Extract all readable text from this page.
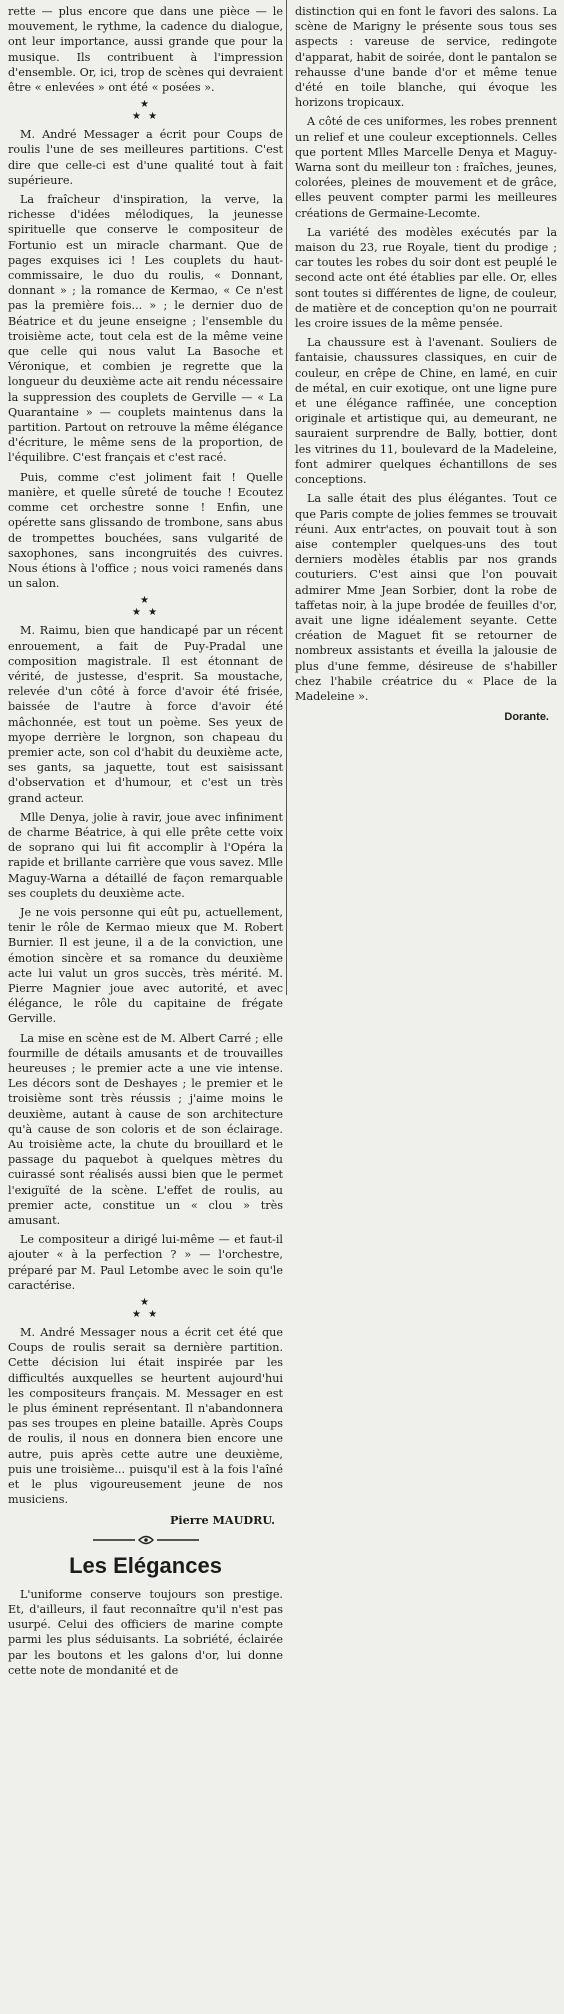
rette — plus encore que dans une pièce — le mouvement, le rythme, la cadence du dialogue, ont leur importance, aussi grande que pour la musique. Ils contribuent à l'impression d'ensemble. Or, ici, trop de scènes qui devraient être « enlevées » ont été « posées ».

★
★ ★

M. André Messager a écrit pour Coups de roulis l'une de ses meilleures partitions. C'est dire que celle-ci est d'une qualité tout à fait supérieure.

La fraîcheur d'inspiration, la verve, la richesse d'idées mélodiques, la jeunesse spirituelle que conserve le compositeur de Fortunio est un miracle charmant. Que de pages exquises ici ! Les couplets du haut-commissaire, le duo du roulis, « Donnant, donnant » ; la romance de Kermao, « Ce n'est pas la première fois... » ; le dernier duo de Béatrice et du jeune enseigne ; l'ensemble du troisième acte, tout cela est de la même veine que celle qui nous valut La Basoche et Véronique, et combien je regrette que la longueur du deuxième acte ait rendu nécessaire la suppression des couplets de Gerville — « La Quarantaine » — couplets maintenus dans la partition. Partout on retrouve la même élégance d'écriture, le même sens de la proportion, de l'équilibre. C'est français et c'est racé.

Puis, comme c'est joliment fait ! Quelle manière, et quelle sûreté de touche ! Ecoutez comme cet orchestre sonne ! Enfin, une opérette sans glissando de trombone, sans abus de trompettes bouchées, sans vulgarité de saxophones, sans incongruités des cuivres. Nous étions à l'office ; nous voici ramenés dans un salon.

★
★ ★

M. Raimu, bien que handicapé par un récent enrouement, a fait de Puy-Pradal une composition magistrale. Il est étonnant de vérité, de justesse, d'esprit. Sa moustache, relevée d'un côté à force d'avoir été frisée, baissée de l'autre à force d'avoir été mâchonnée, est tout un poème. Ses yeux de myope derrière le lorgnon, son chapeau du premier acte, son col d'habit du deuxième acte, ses gants, sa jaquette, tout est saisissant d'observation et d'humour, et c'est un très grand acteur.

Mlle Denya, jolie à ravir, joue avec infiniment de charme Béatrice, à qui elle prête cette voix de soprano qui lui fit accomplir à l'Opéra la rapide et brillante carrière que vous savez. Mlle Maguy-Warna a détaillé de façon remarquable ses couplets du deuxième acte.

Je ne vois personne qui eût pu, actuellement, tenir le rôle de Kermao mieux que M. Robert Burnier. Il est jeune, il a de la conviction, une émotion sincère et sa romance du deuxième acte lui valut un gros succès, très mérité. M. Pierre Magnier joue avec autorité, et avec élégance, le rôle du capitaine de frégate Gerville.

La mise en scène est de M. Albert Carré ; elle fourmille de détails amusants et de trouvailles heureuses ; le premier acte a une vie intense. Les décors sont de Deshayes ; le premier et le troisième sont très réussis ; j'aime moins le deuxième, autant à cause de son architecture qu'à cause de son coloris et de son éclairage. Au troisième acte, la chute du brouillard et le passage du paquebot à quelques mètres du cuirassé sont réalisés aussi bien que le permet l'exiguïté de la scène. L'effet de roulis, au premier acte, constitue un « clou » très amusant.

Le compositeur a dirigé lui-même — et faut-il ajouter « à la perfection ? » — l'orchestre, préparé par M. Paul Letombe avec le soin qu'le caractérise.

★
★ ★

M. André Messager nous a écrit cet été que Coups de roulis serait sa dernière partition. Cette décision lui était inspirée par les difficultés auxquelles se heurtent aujourd'hui les compositeurs français. M. Messager en est le plus éminent représentant. Il n'abandonnera pas ses troupes en pleine bataille. Après Coups de roulis, il nous en donnera bien encore une autre, puis après cette autre une deuxième, puis une troisième... puisqu'il est à la fois l'aîné et le plus vigoureusement jeune de nos musiciens.

Pierre MAUDRU.
Les Elégances

L'uniforme conserve toujours son prestige. Et, d'ailleurs, il faut reconnaître qu'il n'est pas usurpé. Celui des officiers de marine compte parmi les plus séduisants. La sobriété, éclairée par les boutons et les galons d'or, lui donne cette note de mondanité et de

distinction qui en font le favori des salons. La scène de Marigny le présente sous tous ses aspects : vareuse de service, redingote d'apparat, habit de soirée, dont le pantalon se rehausse d'une bande d'or et même tenue d'été en toile blanche, qui évoque les horizons tropicaux.

A côté de ces uniformes, les robes prennent un relief et une couleur exceptionnels. Celles que portent Mlles Marcelle Denya et Maguy-Warna sont du meilleur ton : fraîches, jeunes, colorées, pleines de mouvement et de grâce, elles peuvent compter parmi les meilleures créations de Germaine-Lecomte.

La variété des modèles exécutés par la maison du 23, rue Royale, tient du prodige ; car toutes les robes du soir dont est peuplé le second acte ont été établies par elle. Or, elles sont toutes si différentes de ligne, de couleur, de matière et de conception qu'on ne pourrait les croire issues de la même pensée.

La chaussure est à l'avenant. Souliers de fantaisie, chaussures classiques, en cuir de couleur, en crêpe de Chine, en lamé, en cuir de métal, en cuir exotique, ont une ligne pure et une élégance raffinée, une conception originale et artistique qui, au demeurant, ne sauraient surprendre de Bally, bottier, dont les vitrines du 11, boulevard de la Madeleine, font admirer quelques échantillons de ses conceptions.

La salle était des plus élégantes. Tout ce que Paris compte de jolies femmes se trouvait réuni. Aux entr'actes, on pouvait tout à son aise contempler quelques-uns des tout derniers modèles établis par nos grands couturiers. C'est ainsi que l'on pouvait admirer Mme Jean Sorbier, dont la robe de taffetas noir, à la jupe brodée de feuilles d'or, avait une ligne idéalement seyante. Cette création de Maguet fit se retourner de nombreux assistants et éveilla la jalousie de plus d'une femme, désireuse de s'habiller chez l'habile créatrice du « Place de la Madeleine ».

Dorante.
